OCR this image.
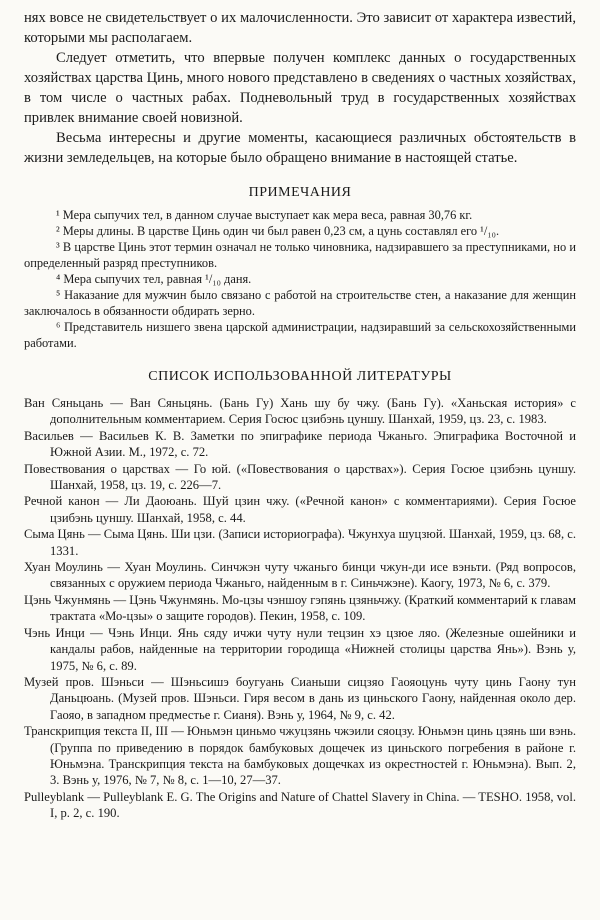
нях вовсе не свидетельствует о их малочисленности. Это зависит от характера известий, которыми мы располагаем.

Следует отметить, что впервые получен комплекс данных о государственных хозяйствах царства Цинь, много нового представлено в сведениях о частных хозяйствах, в том числе о частных рабах. Подневольный труд в государственных хозяйствах привлек внимание своей новизной.

Весьма интересны и другие моменты, касающиеся различных обстоятельств в жизни земледельцев, на которые было обращено внимание в настоящей статье.

ПРИМЕЧАНИЯ

¹ Мера сыпучих тел, в данном случае выступает как мера веса, равная 30,76 кг.

² Меры длины. В царстве Цинь один чи был равен 0,23 см, а цунь составлял его ¹/₁₀.

³ В царстве Цинь этот термин означал не только чиновника, надзиравшего за преступниками, но и определенный разряд преступников.

⁴ Мера сыпучих тел, равная ¹/₁₀ даня.

⁵ Наказание для мужчин было связано с работой на строительстве стен, а наказание для женщин заключалось в обязанности обдирать зерно.

⁶ Представитель низшего звена царской администрации, надзиравший за сельскохозяйственными работами.

СПИСОК ИСПОЛЬЗОВАННОЙ ЛИТЕРАТУРЫ

Ван Сяньцань — Ван Сяньцянь. (Бань Гу) Хань шу бу чжу. (Бань Гу). «Ханьская история» с дополнительным комментарием. Серия Госюс цзибэнь цуншу. Шанхай, 1959, цз. 23, с. 1983.

Васильев — Васильев К. В. Заметки по эпиграфике периода Чжаньго. Эпиграфика Восточной и Южной Азии. М., 1972, с. 72.

Повествования о царствах — Го юй. («Повествования о царствах»). Серия Госюе цзибэнь цуншу. Шанхай, 1958, цз. 19, с. 226—7.

Речной канон — Ли Даоюань. Шуй цзин чжу. («Речной канон» с комментариями). Серия Госюе цзибэнь цуншу. Шанхай, 1958, с. 44.

Сыма Цянь — Сыма Цянь. Ши цзи. (Записи историографа). Чжунхуа шуцзюй. Шанхай, 1959, цз. 68, с. 1331.

Хуан Моулинь — Хуан Моулинь. Синчжэн чуту чжаньго бинци чжун-ди исе вэньти. (Ряд вопросов, связанных с оружием периода Чжаньго, найденным в г. Синьчжэне). Каогу, 1973, № 6, с. 379.

Цэнь Чжунмянь — Цэнь Чжунмянь. Мо-цзы чэншоу гэпянь цзяньчжу. (Краткий комментарий к главам трактата «Мо-цзы» о защите городов). Пекин, 1958, с. 109.

Чэнь Инци — Чэнь Инци. Янь сяду ичжи чуту нули тецзин хэ цзюе ляо. (Железные ошейники и кандалы рабов, найденные на территории городища «Нижней столицы царства Янь»). Вэнь у, 1975, № 6, с. 89.

Музей пров. Шэньси — Шэньсишэ боугуань Сианьши сицзяо Гаояоцунь чуту цинь Гаону тун Даньцюань. (Музей пров. Шэньси. Гиря весом в дань из циньского Гаону, найденная около дер. Гаояо, в западном предместье г. Сианя). Вэнь у, 1964, № 9, с. 42.

Транскрипция текста II, III — Юньмэн циньмо чжуцзянь чжэили сяоцзу. Юньмэн цинь цзянь ши вэнь. (Группа по приведению в порядок бамбуковых дощечек из циньского погребения в районе г. Юньмэна. Транскрипция текста на бамбуковых дощечках из окрестностей г. Юньмэна). Вып. 2, 3. Вэнь у, 1976, № 7, № 8, с. 1—10, 27—37.

Pulleyblank — Pulleyblank E. G. The Origins and Nature of Chattel Slavery in China. — TESHO. 1958, vol. I, p. 2, c. 190.
